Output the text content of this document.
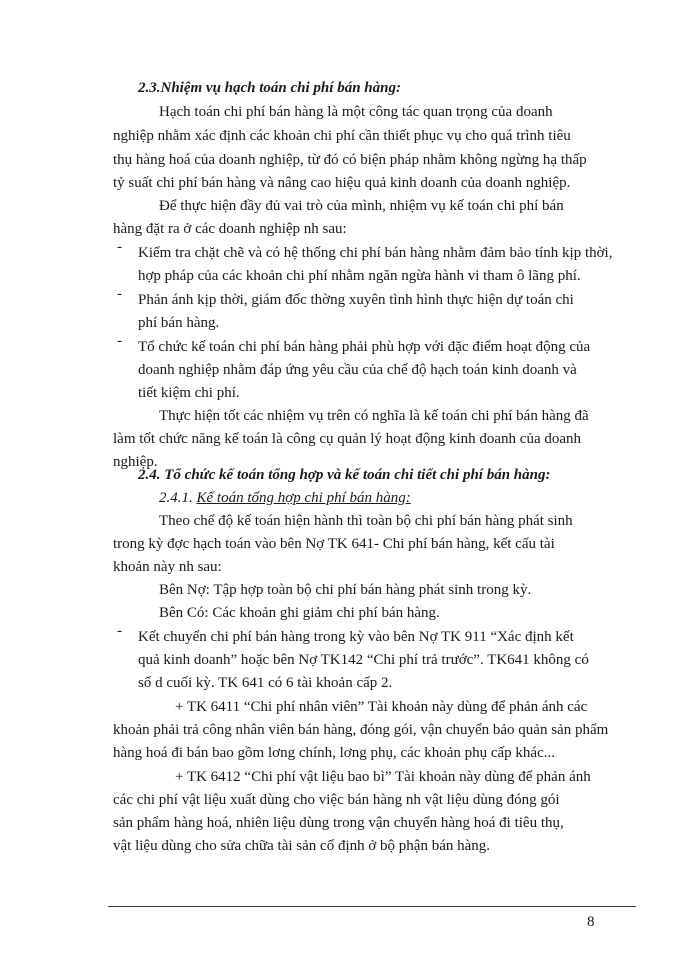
2.3.Nhiệm vụ hạch toán chi phí bán hàng:
Hạch toán chi phí bán hàng là một công tác quan trọng của doanh
nghiệp nhằm xác định các khoản chi phí cần thiết phục vụ cho quá trình tiêu
thụ hàng hoá của doanh nghiệp, từ đó có biện pháp nhằm không ngừng hạ thấp
tỷ suất chi phí bán hàng và nâng cao hiệu quả kinh doanh của doanh nghiệp.
Để thực hiện đầy đủ vai trò của mình, nhiệm vụ kế toán chi phí bán
hàng đặt ra ở các doanh nghiệp nh sau:
- Kiểm tra chặt chẽ và có hệ thống chi phí bán hàng nhằm đảm bảo tính kịp thời,
hợp pháp của các khoản chi phí nhằm ngăn ngừa hành vi tham ô lãng phí.
- Phản ánh kịp thời, giám đốc thờng xuyên tình hình thực hiện dự toán chi
phí bán hàng.
- Tổ chức kế toán chi phí bán hàng phải phù hợp với đặc điểm hoạt động của
doanh nghiệp nhằm đáp ứng yêu cầu của chế độ hạch toán kinh doanh và
tiết kiệm chi phí.
Thực hiện tốt các nhiệm vụ trên có nghĩa là kế toán chi phí bán hàng đã
làm tốt chức năng kế toán là công cụ quản lý hoạt động kinh doanh của doanh
nghiệp.
2.4. Tổ chức kế toán tổng hợp và kế toán chi tiết chi phí bán hàng:
2.4.1. Kế toán tổng hợp chi phí bán hàng:
Theo chế độ kế toán hiện hành thì toàn bộ chi phí bán hàng phát sinh
trong kỳ đợc hạch toán vào bên Nợ TK 641- Chi phí bán hàng, kết cấu tài
khoản này nh sau:
Bên Nợ: Tập hợp toàn bộ chi phí bán hàng phát sinh trong kỳ.
Bên Có: Các khoản ghi giảm chi phí bán hàng.
- Kết chuyển chi phí bán hàng trong kỳ vào bên Nợ TK 911 “Xác định kết
quả kinh doanh” hoặc bên Nợ TK142 “Chi phí trả trước”. TK641 không có
số d cuối kỳ. TK 641 có 6 tài khoản cấp 2.
+ TK 6411 “Chi phí nhân viên” Tài khoản này dùng để phản ánh các
khoản phải trả công nhân viên bán hàng, đóng gói, vận chuyển bảo quản sản phẩm
hàng hoá đi bán bao gồm lơng chính, lơng phụ, các khoản phụ cấp khác...
+ TK 6412 “Chi phí vật liệu bao bì” Tài khoản này dùng để phản ánh
các chi phí vật liệu xuất dùng cho việc bán hàng nh vật liệu dùng đóng gói
sản phẩm hàng hoá, nhiên liệu dùng trong vận chuyển hàng hoá đi tiêu thụ,
vật liệu dùng cho sửa chữa tài sản cố định ở bộ phận bán hàng.
8
